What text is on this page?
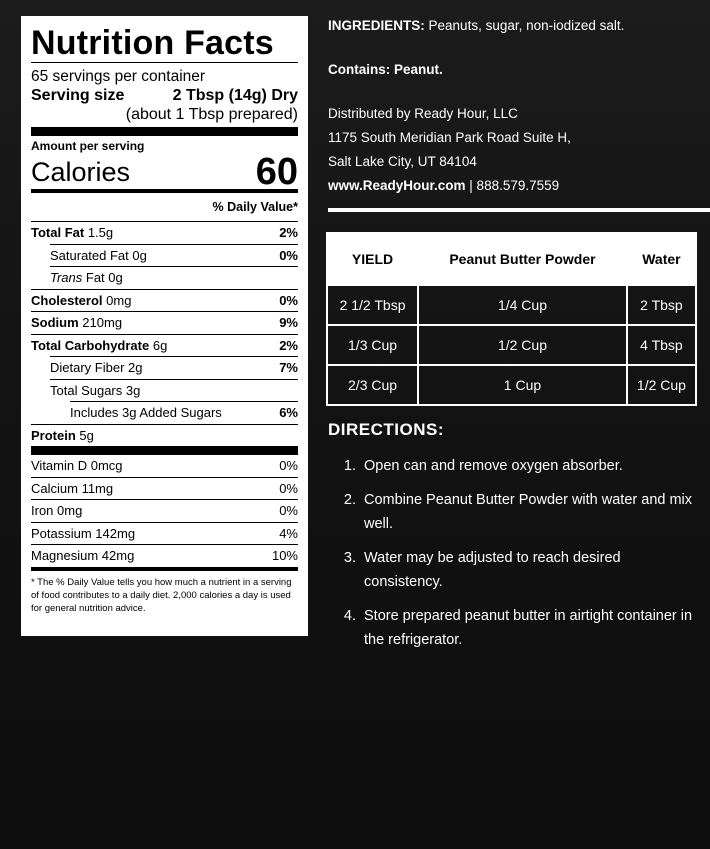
Nutrition Facts
65 servings per container
Serving size	2 Tbsp (14g) Dry
(about 1 Tbsp prepared)
Amount per serving
Calories	60
% Daily Value*
Total Fat 1.5g	2%
Saturated Fat 0g	0%
Trans Fat 0g
Cholesterol 0mg	0%
Sodium 210mg	9%
Total Carbohydrate 6g	2%
Dietary Fiber 2g	7%
Total Sugars 3g
Includes 3g Added Sugars	6%
Protein 5g
Vitamin D 0mcg	0%
Calcium 11mg	0%
Iron 0mg	0%
Potassium 142mg	4%
Magnesium 42mg	10%
* The % Daily Value tells you how much a nutrient in a serving of food contributes to a daily diet. 2,000 calories a day is used for general nutrition advice.

INGREDIENTS: Peanuts, sugar, non-iodized salt.

Contains: Peanut.

Distributed by Ready Hour, LLC

1175 South Meridian Park Road Suite H,

Salt Lake City, UT 84104

www.ReadyHour.com | 888.579.7559

YIELD	Peanut Butter Powder	Water
2 1/2 Tbsp	1/4 Cup	2 Tbsp
1/3 Cup	1/2 Cup	4 Tbsp
2/3 Cup	1 Cup	1/2 Cup
DIRECTIONS:
1. Open can and remove oxygen absorber.
2. Combine Peanut Butter Powder with water and mix well.
3. Water may be adjusted to reach desired consistency.
4. Store prepared peanut butter in airtight container in the refrigerator.
